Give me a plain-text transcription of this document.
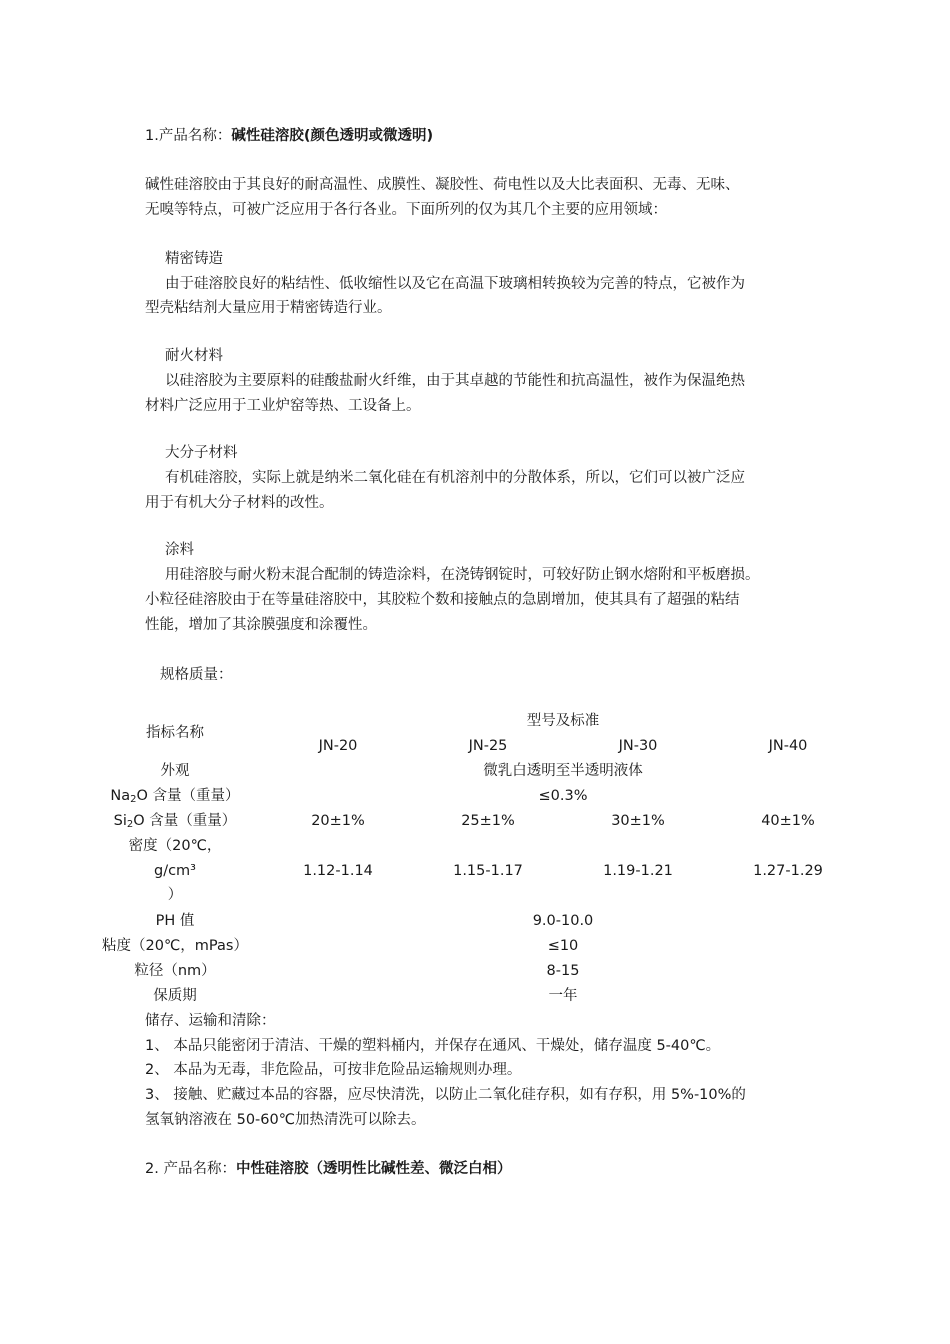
1.产品名称：碱性硅溶胶(颜色透明或微透明)
碱性硅溶胶由于其良好的耐高温性、成膜性、凝胶性、荷电性以及大比表面积、无毒、无味、
无嗅等特点，可被广泛应用于各行各业。下面所列的仅为其几个主要的应用领域：
精密铸造
由于硅溶胶良好的粘结性、低收缩性以及它在高温下玻璃相转换较为完善的特点，它被作为
型壳粘结剂大量应用于精密铸造行业。
耐火材料
以硅溶胶为主要原料的硅酸盐耐火纤维，由于其卓越的节能性和抗高温性，被作为保温绝热
材料广泛应用于工业炉窑等热、工设备上。
大分子材料
有机硅溶胶，实际上就是纳米二氧化硅在有机溶剂中的分散体系，所以，它们可以被广泛应
用于有机大分子材料的改性。
涂料
用硅溶胶与耐火粉末混合配制的铸造涂料，在浇铸钢锭时，可较好防止钢水熔附和平板磨损。
小粒径硅溶胶由于在等量硅溶胶中，其胶粒个数和接触点的急剧增加，使其具有了超强的粘结
性能，增加了其涂膜强度和涂覆性。
规格质量：
指标名称
型号及标准
JN-20	JN-25	JN-30	JN-40
外观	微乳白透明至半透明液体
$Na_2O$ 含量（重量）	≤0.3%
$Si_2O$ 含量（重量）	20±1%	25±1%	30±1%	40±1%
密度（20℃，
g/cm³
）
1.12-1.14	1.15-1.17	1.19-1.21	1.27-1.29
PH 值	9.0-10.0
粘度（20℃，mPas）	≤10
粒径（nm）	8-15
保质期	一年
储存、运输和清除：
1、 本品只能密闭于清洁、干燥的塑料桶内，并保存在通风、干燥处，储存温度 5-40℃。
2、 本品为无毒，非危险品，可按非危险品运输规则办理。
3、 接触、贮藏过本品的容器，应尽快清洗，以防止二氧化硅存积，如有存积，用 5%-10%的
氢氧钠溶液在 50-60℃加热清洗可以除去。
2. 产品名称：中性硅溶胶（透明性比碱性差、微泛白相）
